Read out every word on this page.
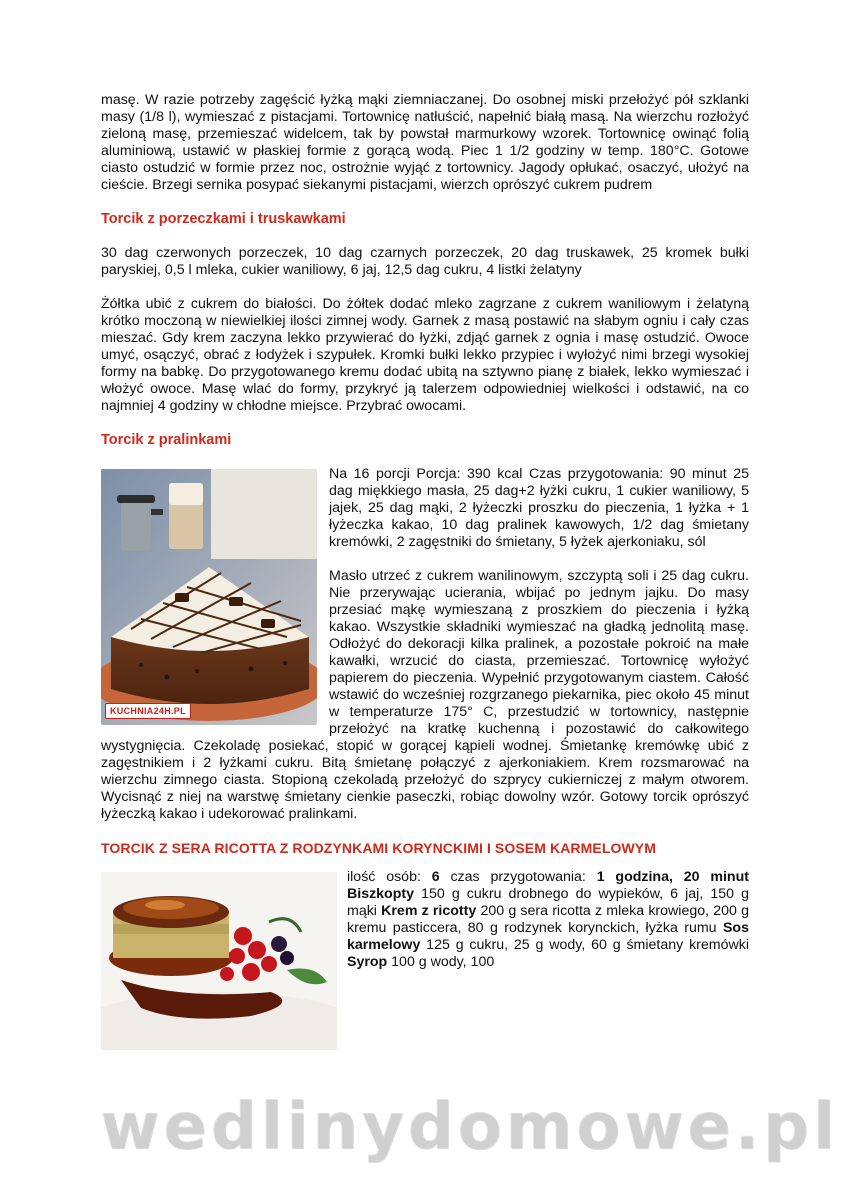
masę. W razie potrzeby zagęścić łyżką mąki ziemniaczanej. Do osobnej miski przełożyć pół szklanki masy (1/8 l), wymieszać z pistacjami. Tortownicę natłuścić, napełnić białą masą. Na wierzchu rozłożyć zieloną masę, przemieszać widelcem, tak by powstał marmurkowy wzorek. Tortownicę owinąć folią aluminiową, ustawić w płaskiej formie z gorącą wodą. Piec 1 1/2 godziny w temp. 180°C. Gotowe ciasto ostudzić w formie przez noc, ostrożnie wyjąć z tortownicy. Jagody opłukać, osaczyć, ułożyć na cieście. Brzegi sernika posypać siekanymi pistacjami, wierzch oprószyć cukrem pudrem

Torcik z porzeczkami i truskawkami

30 dag czerwonych porzeczek, 10 dag czarnych porzeczek, 20 dag truskawek, 25 kromek bułki paryskiej, 0,5 l mleka, cukier waniliowy, 6 jaj, 12,5 dag cukru, 4 listki żelatyny

Żółtka ubić z cukrem do białości. Do żółtek dodać mleko zagrzane z cukrem waniliowym i żelatyną krótko moczoną w niewielkiej ilości zimnej wody. Garnek z masą postawić na słabym ogniu i cały czas mieszać. Gdy krem zaczyna lekko przywierać do łyżki, zdjąć garnek z ognia i masę ostudzić. Owoce umyć, osączyć, obrać z łodyżek i szypułek. Kromki bułki lekko przypiec i wyłożyć nimi brzegi wysokiej formy na babkę. Do przygotowanego kremu dodać ubitą na sztywno pianę z białek, lekko wymieszać i włożyć owoce. Masę wlać do formy, przykryć ją talerzem odpowiedniej wielkości i odstawić, na co najmniej 4 godziny w chłodne miejsce. Przybrać owocami.

Torcik z pralinkami
KUCHNIA24H.PL

Na 16 porcji Porcja: 390 kcal Czas przygotowania: 90 minut 25 dag miękkiego masła, 25 dag+2 łyżki cukru, 1 cukier waniliowy, 5 jajek, 25 dag mąki, 2 łyżeczki proszku do pieczenia, 1 łyżka + 1 łyżeczka kakao, 10 dag pralinek kawowych, 1/2 dag śmietany kremówki, 2 zagęstniki do śmietany, 5 łyżek ajerkoniaku, sól

Masło utrzeć z cukrem wanilinowym, szczyptą soli i 25 dag cukru. Nie przerywając ucierania, wbijać po jednym jajku. Do masy przesiać mąkę wymieszaną z proszkiem do pieczenia i łyżką kakao. Wszystkie składniki wymieszać na gładką jednolitą masę. Odłożyć do dekoracji kilka pralinek, a pozostałe pokroić na małe kawałki, wrzucić do ciasta, przemieszać. Tortownicę wyłożyć papierem do pieczenia. Wypełnić przygotowanym ciastem. Całość wstawić do wcześniej rozgrzanego piekarnika, piec około 45 minut w temperaturze 175° C, przestudzić w tortownicy, następnie przełożyć na kratkę kuchenną i pozostawić do całkowitego wystygnięcia. Czekoladę posiekać, stopić w gorącej kąpieli wodnej. Śmietankę kremówkę ubić z zagęstnikiem i 2 łyżkami cukru. Bitą śmietanę połączyć z ajerkoniakiem. Krem rozsmarować na wierzchu zimnego ciasta. Stopioną czekoladą przełożyć do szprycy cukierniczej z małym otworem. Wycisnąć z niej na warstwę śmietany cienkie paseczki, robiąc dowolny wzór. Gotowy torcik oprószyć łyżeczką kakao i udekorować pralinkami.

TORCIK Z SERA RICOTTA Z RODZYNKAMI KORYNCKIMI I SOSEM KARMELOWYM

ilość osób: 6 czas przygotowania: 1 godzina, 20 minut Biszkopty 150 g cukru drobnego do wypieków, 6 jaj, 150 g mąki Krem z ricotty 200 g sera ricotta z mleka krowiego, 200 g kremu pasticcera, 80 g rodzynek korynckich, łyżka rumu Sos karmelowy 125 g cukru, 25 g wody, 60 g śmietany kremówki Syrop 100 g wody, 100

wedlinydomowe.pl
